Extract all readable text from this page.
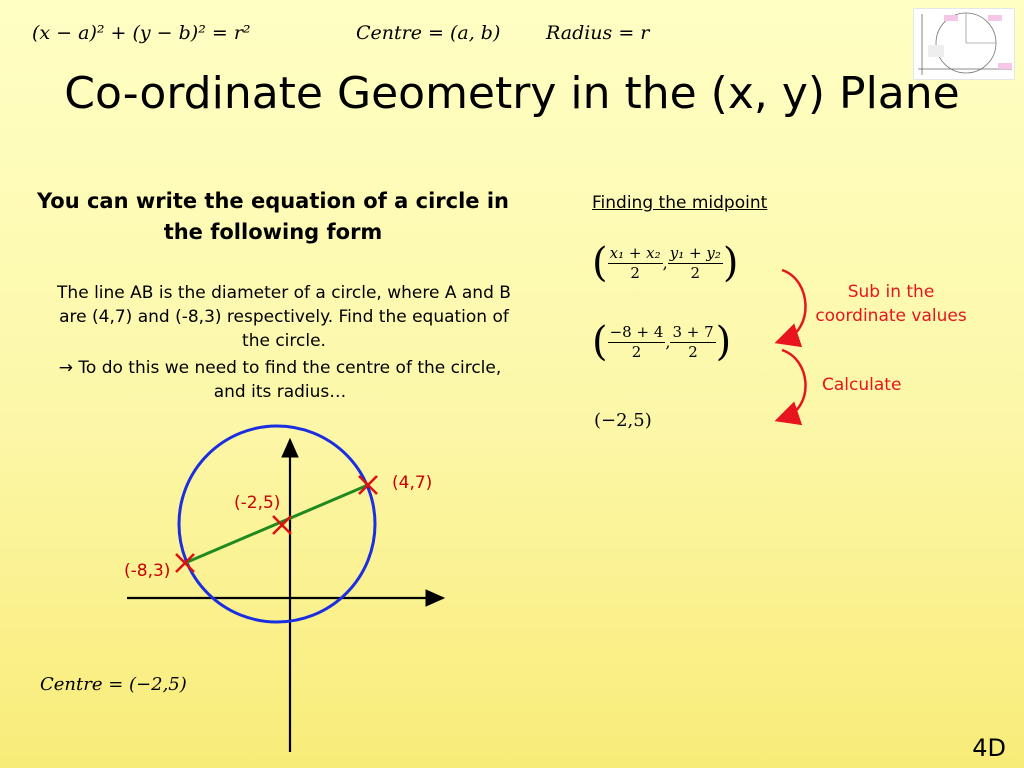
(x − a)² + (y − b)² = r²	Centre = (a, b) Radius = r
Co-ordinate Geometry in the (x, y) Plane
You can write the equation of a circle in the following form
The line AB is the diameter of a circle, where A and B are (4,7) and (-8,3) respectively. Find the equation of the circle.
→ To do this we need to find the centre of the circle, and its radius…
(4,7)
(-8,3)
(-2,5)
Centre = (−2,5)
Finding the midpoint
( $\frac{\text{x₁ + x₂}}{2}$ , $\frac{\text{y₁ + y₂}}{2}$ )
( $\frac{-8 + 4}{2}$ , $\frac{3 + 7}{2}$ )
(−2,5)
Sub in the coordinate values
Calculate
4D
